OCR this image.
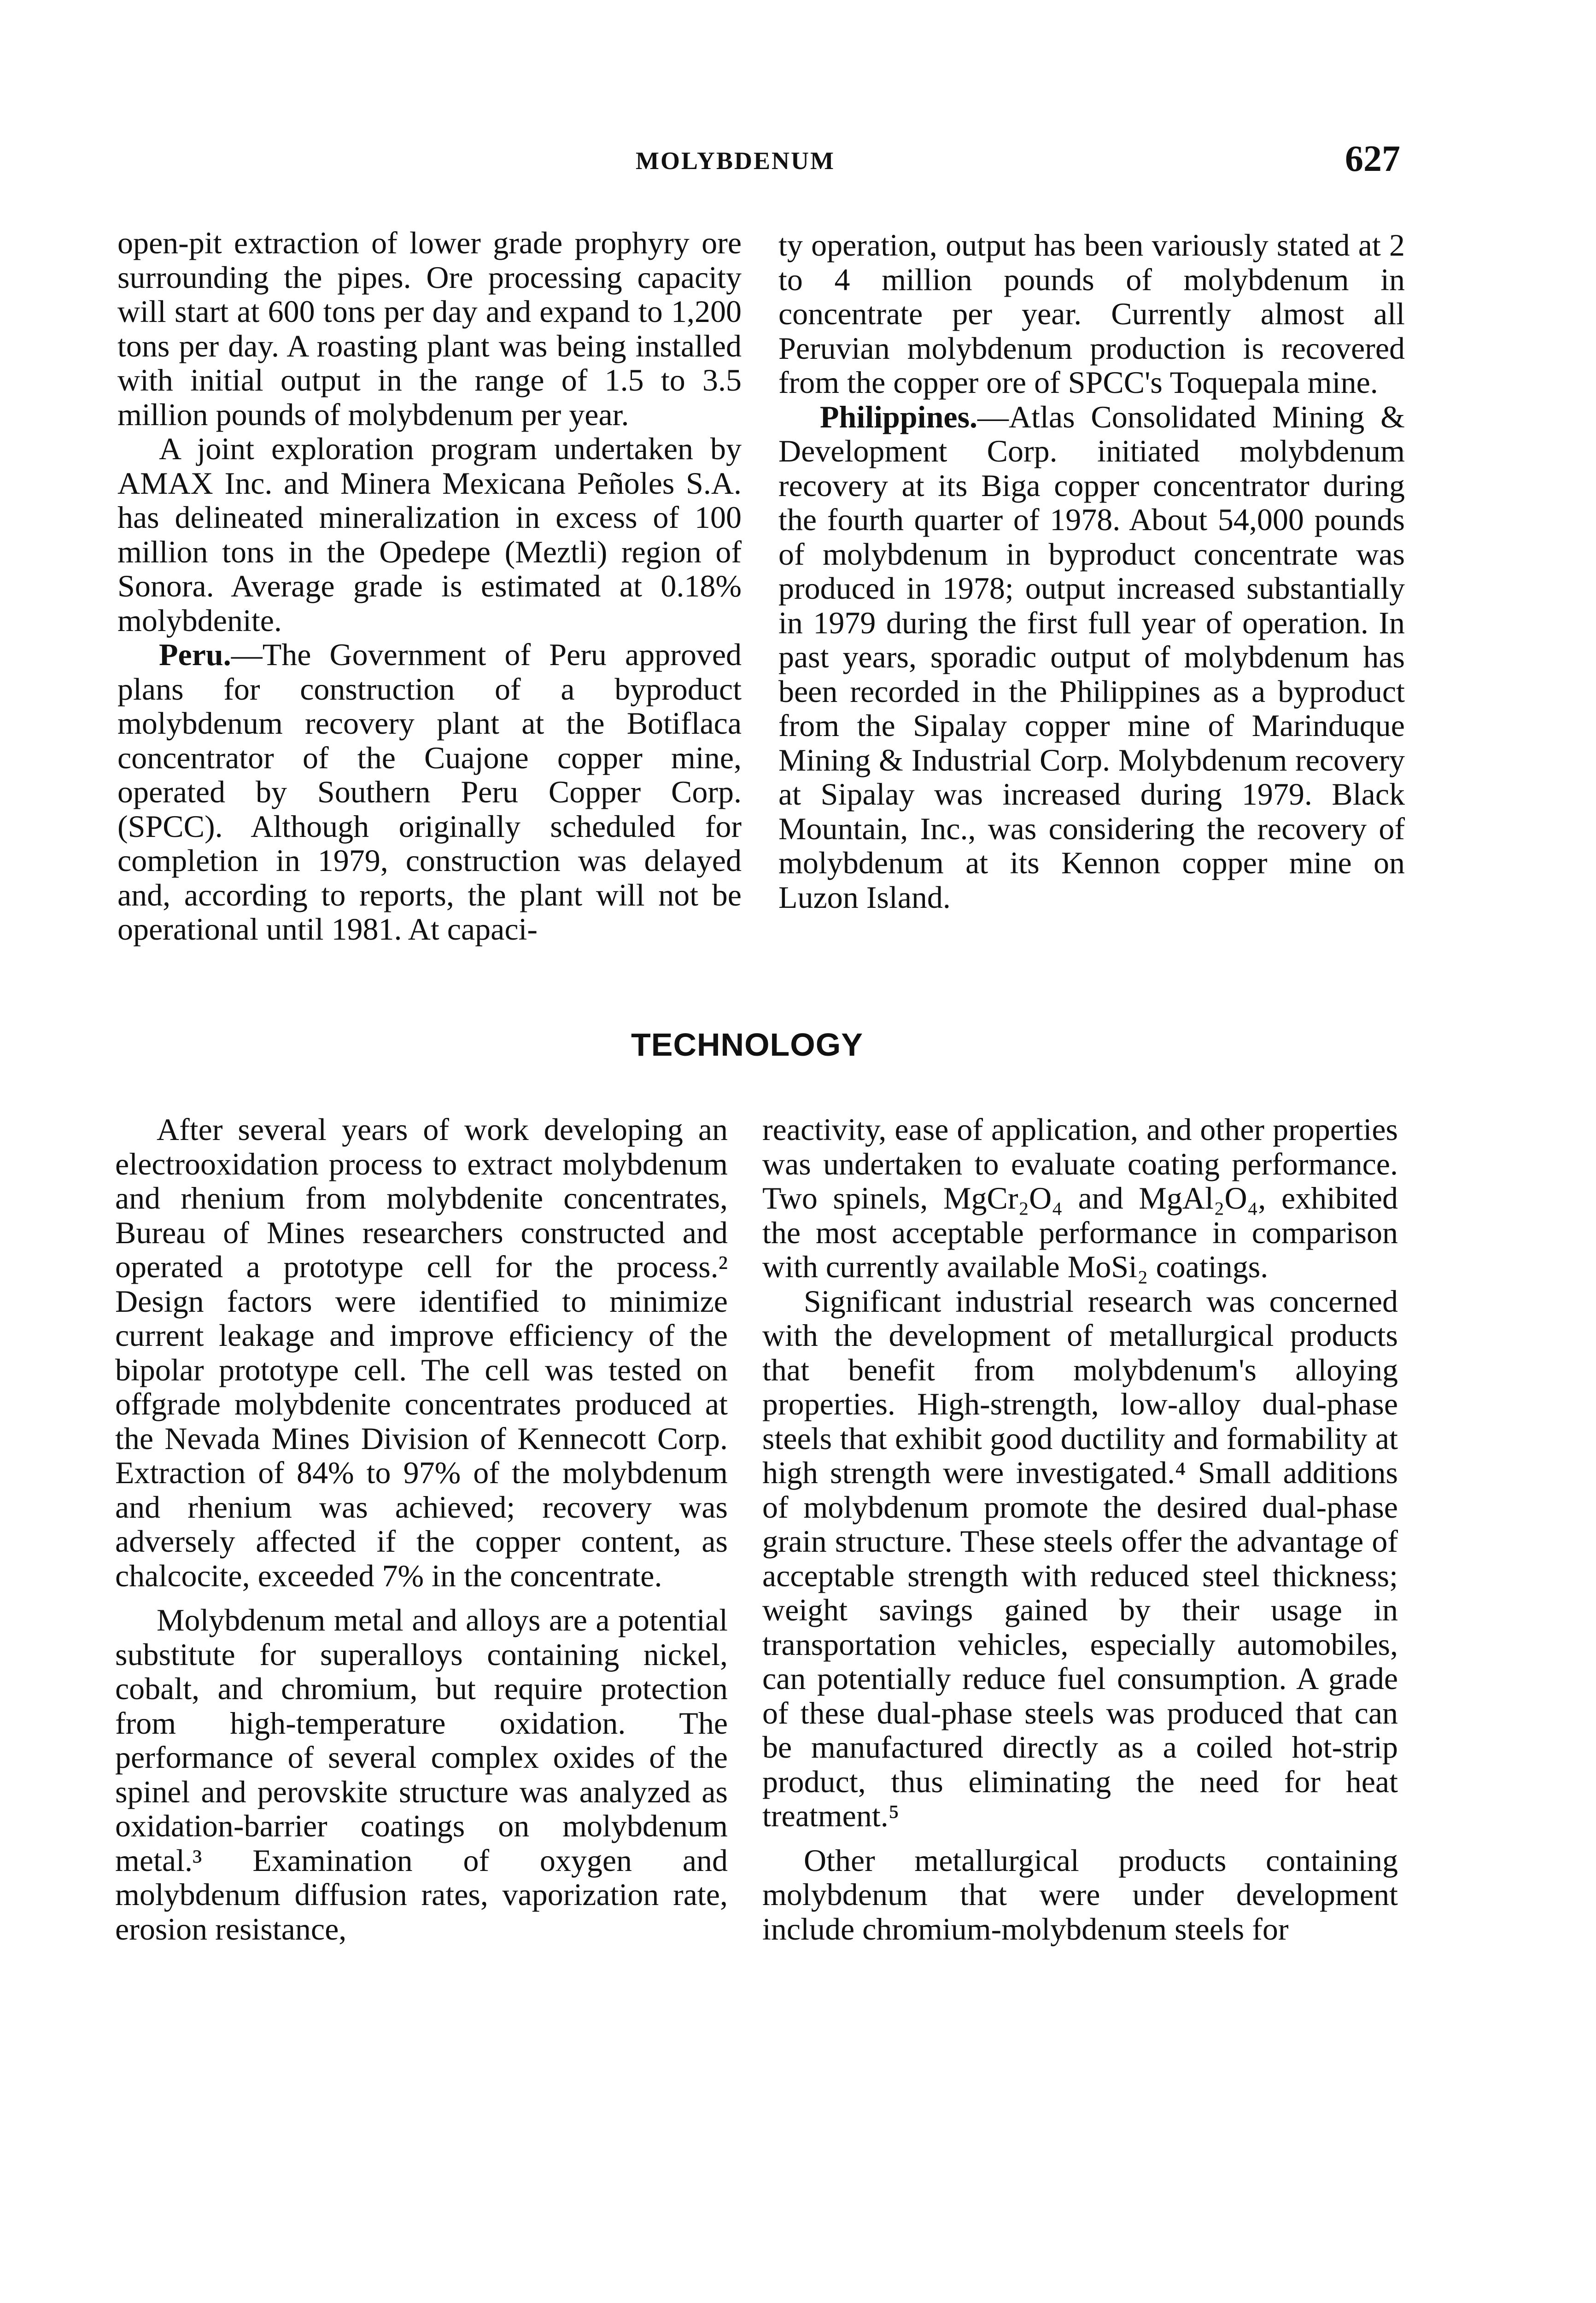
MOLYBDENUM	627

open-pit extraction of lower grade prophyry ore surrounding the pipes. Ore processing capacity will start at 600 tons per day and expand to 1,200 tons per day. A roasting plant was being installed with initial output in the range of 1.5 to 3.5 million pounds of molybdenum per year.

A joint exploration program undertaken by AMAX Inc. and Minera Mexicana Peñoles S.A. has delineated mineralization in excess of 100 million tons in the Opedepe (Meztli) region of Sonora. Average grade is estimated at 0.18% molybdenite.

Peru.—The Government of Peru approved plans for construction of a byproduct molybdenum recovery plant at the Botiflaca concentrator of the Cuajone copper mine, operated by Southern Peru Copper Corp. (SPCC). Although originally scheduled for completion in 1979, construction was delayed and, according to reports, the plant will not be operational until 1981. At capaci-

ty operation, output has been variously stated at 2 to 4 million pounds of molybdenum in concentrate per year. Currently almost all Peruvian molybdenum production is recovered from the copper ore of SPCC's Toquepala mine.

Philippines.—Atlas Consolidated Mining & Development Corp. initiated molybdenum recovery at its Biga copper concentrator during the fourth quarter of 1978. About 54,000 pounds of molybdenum in byproduct concentrate was produced in 1978; output increased substantially in 1979 during the first full year of operation. In past years, sporadic output of molybdenum has been recorded in the Philippines as a byproduct from the Sipalay copper mine of Marinduque Mining & Industrial Corp. Molybdenum recovery at Sipalay was increased during 1979. Black Mountain, Inc., was considering the recovery of molybdenum at its Kennon copper mine on Luzon Island.

TECHNOLOGY

After several years of work developing an electrooxidation process to extract molybdenum and rhenium from molybdenite concentrates, Bureau of Mines researchers constructed and operated a prototype cell for the process.² Design factors were identified to minimize current leakage and improve efficiency of the bipolar prototype cell. The cell was tested on offgrade molybdenite concentrates produced at the Nevada Mines Division of Kennecott Corp. Extraction of 84% to 97% of the molybdenum and rhenium was achieved; recovery was adversely affected if the copper content, as chalcocite, exceeded 7% in the concentrate.

Molybdenum metal and alloys are a potential substitute for superalloys containing nickel, cobalt, and chromium, but require protection from high-temperature oxidation. The performance of several complex oxides of the spinel and perovskite structure was analyzed as oxidation-barrier coatings on molybdenum metal.³ Examination of oxygen and molybdenum diffusion rates, vaporization rate, erosion resistance,

reactivity, ease of application, and other properties was undertaken to evaluate coating performance. Two spinels, MgCr₂O₄ and MgAl₂O₄, exhibited the most acceptable performance in comparison with currently available MoSi₂ coatings.

Significant industrial research was concerned with the development of metallurgical products that benefit from molybdenum's alloying properties. High-strength, low-alloy dual-phase steels that exhibit good ductility and formability at high strength were investigated.⁴ Small additions of molybdenum promote the desired dual-phase grain structure. These steels offer the advantage of acceptable strength with reduced steel thickness; weight savings gained by their usage in transportation vehicles, especially automobiles, can potentially reduce fuel consumption. A grade of these dual-phase steels was produced that can be manufactured directly as a coiled hot-strip product, thus eliminating the need for heat treatment.⁵

Other metallurgical products containing molybdenum that were under development include chromium-molybdenum steels for
